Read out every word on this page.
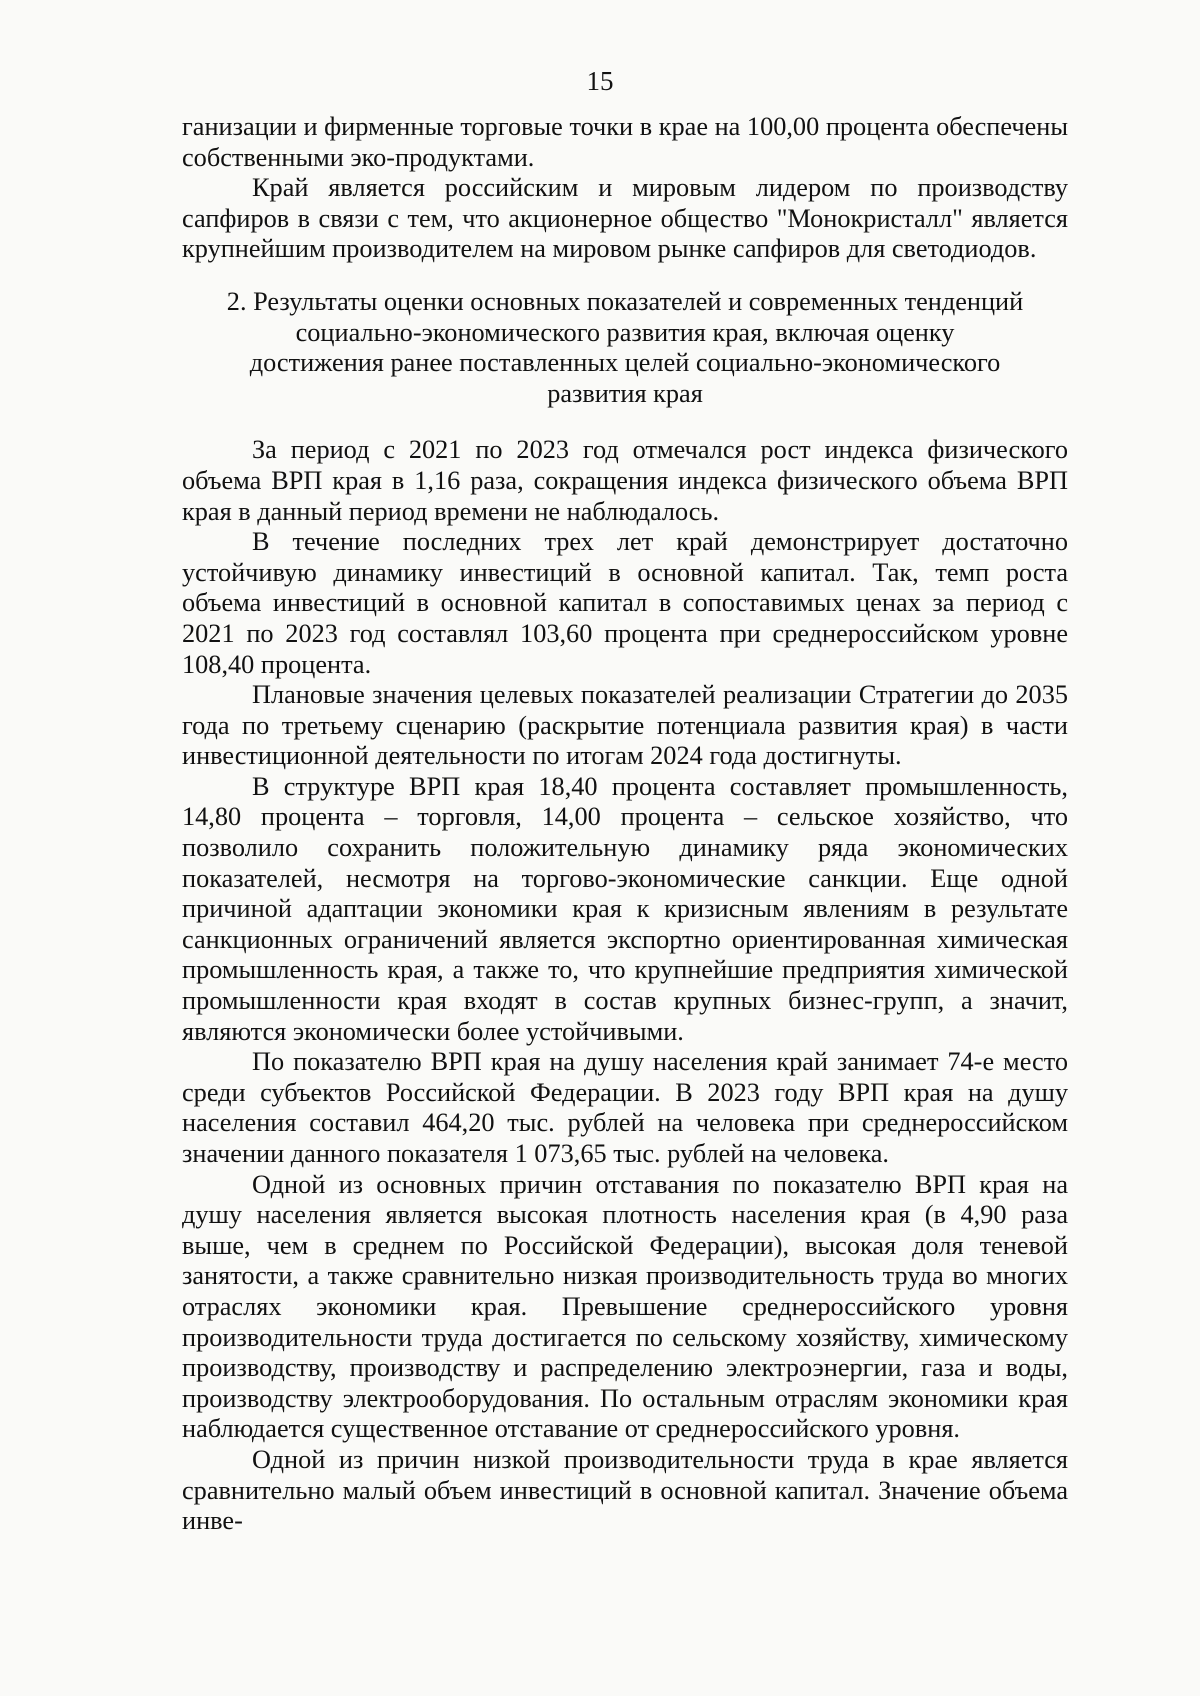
15

ганизации и фирменные торговые точки в крае на 100,00 процента обеспечены собственными эко-продуктами.

Край является российским и мировым лидером по производству сапфиров в связи с тем, что акционерное общество "Монокристалл" является крупнейшим производителем на мировом рынке сапфиров для светодиодов.

2. Результаты оценки основных показателей и современных тенденций
социально-экономического развития края, включая оценку
достижения ранее поставленных целей социально-экономического
развития края

За период с 2021 по 2023 год отмечался рост индекса физического объема ВРП края в 1,16 раза, сокращения индекса физического объема ВРП края в данный период времени не наблюдалось.

В течение последних трех лет край демонстрирует достаточно устойчивую динамику инвестиций в основной капитал. Так, темп роста объема инвестиций в основной капитал в сопоставимых ценах за период с 2021 по 2023 год составлял 103,60 процента при среднероссийском уровне 108,40 процента.

Плановые значения целевых показателей реализации Стратегии до 2035 года по третьему сценарию (раскрытие потенциала развития края) в части инвестиционной деятельности по итогам 2024 года достигнуты.

В структуре ВРП края 18,40 процента составляет промышленность, 14,80 процента – торговля, 14,00 процента – сельское хозяйство, что позволило сохранить положительную динамику ряда экономических показателей, несмотря на торгово-экономические санкции. Еще одной причиной адаптации экономики края к кризисным явлениям в результате санкционных ограничений является экспортно ориентированная химическая промышленность края, а также то, что крупнейшие предприятия химической промышленности края входят в состав крупных бизнес-групп, а значит, являются экономически более устойчивыми.

По показателю ВРП края на душу населения край занимает 74-е место среди субъектов Российской Федерации. В 2023 году ВРП края на душу населения составил 464,20 тыс. рублей на человека при среднероссийском значении данного показателя 1 073,65 тыс. рублей на человека.

Одной из основных причин отставания по показателю ВРП края на душу населения является высокая плотность населения края (в 4,90 раза выше, чем в среднем по Российской Федерации), высокая доля теневой занятости, а также сравнительно низкая производительность труда во многих отраслях экономики края. Превышение среднероссийского уровня производительности труда достигается по сельскому хозяйству, химическому производству, производству и распределению электроэнергии, газа и воды, производству электрооборудования. По остальным отраслям экономики края наблюдается существенное отставание от среднероссийского уровня.

Одной из причин низкой производительности труда в крае является сравнительно малый объем инвестиций в основной капитал. Значение объема инве-
